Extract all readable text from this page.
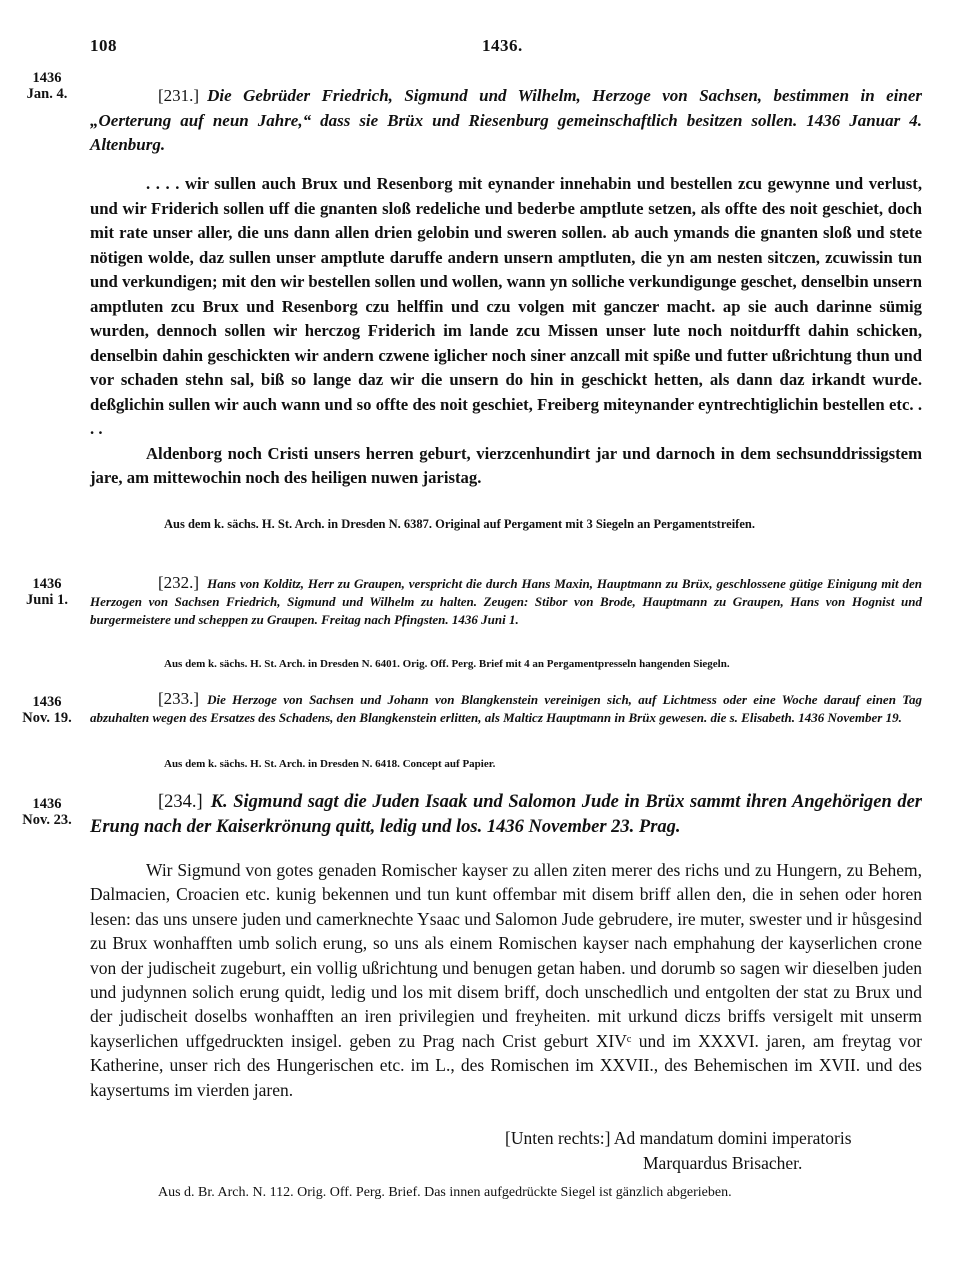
108	1436.
1436
Jan. 4.	[231.] Die Gebrüder Friedrich, Sigmund und Wilhelm, Herzoge von Sachsen, bestimmen in einer „Oerterung auf neun Jahre,“ dass sie Brüx und Riesenburg gemeinschaftlich besitzen sollen. 1436 Januar 4. Altenburg.

. . . . wir sullen auch Brux und Resenborg mit eynander innehabin und bestellen zcu gewynne und verlust, und wir Friderich sollen uff die gnanten sloß redeliche und bederbe amptlute setzen, als offte des noit geschiet, doch mit rate unser aller, die uns dann allen drien gelobin und sweren sollen. ab auch ymands die gnanten sloß und stete nötigen wolde, daz sullen unser amptlute daruffe andern unsern amptluten, die yn am nesten sitczen, zcuwissin tun und verkundigen; mit den wir bestellen sollen und wollen, wann yn solliche verkundigunge geschet, denselbin unsern amptluten zcu Brux und Resenborg czu helffin und czu volgen mit ganczer macht. ap sie auch darinne sümig wurden, dennoch sollen wir herczog Friderich im lande zcu Missen unser lute noch noitdurfft dahin schicken, denselbin dahin geschickten wir andern czwene iglicher noch siner anzcall mit spiße und futter ußrichtung thun und vor schaden stehn sal, biß so lange daz wir die unsern do hin in geschickt hetten, als dann daz irkandt wurde. deßglichin sullen wir auch wann und so offte des noit geschiet, Freiberg miteynander eyntrechtiglichin bestellen etc. . . .

Aldenborg noch Cristi unsers herren geburt, vierzcenhundirt jar und darnoch in dem sechsunddrissigstem jare, am mittewochin noch des heiligen nuwen jaristag.

Aus dem k. sächs. H. St. Arch. in Dresden N. 6387. Original auf Pergament mit 3 Siegeln an Pergamentstreifen.
1436
Juni 1.
[232.] Hans von Kolditz, Herr zu Graupen, verspricht die durch Hans Maxin, Hauptmann zu Brüx, geschlossene gütige Einigung mit den Herzogen von Sachsen Friedrich, Sigmund und Wilhelm zu halten. Zeugen: Stibor von Brode, Hauptmann zu Graupen, Hans von Hognist und burgermeistere und scheppen zu Graupen. Freitag nach Pfingsten. 1436 Juni 1.
Aus dem k. sächs. H. St. Arch. in Dresden N. 6401. Orig. Off. Perg. Brief mit 4 an Pergamentpresseln hangenden Siegeln.
1436
Nov. 19.
[233.] Die Herzoge von Sachsen und Johann von Blangkenstein vereinigen sich, auf Lichtmess oder eine Woche darauf einen Tag abzuhalten wegen des Ersatzes des Schadens, den Blangkenstein erlitten, als Malticz Hauptmann in Brüx gewesen. die s. Elisabeth. 1436 November 19.
Aus dem k. sächs. H. St. Arch. in Dresden N. 6418. Concept auf Papier.
1436
Nov. 23.
[234.] K. Sigmund sagt die Juden Isaak und Salomon Jude in Brüx sammt ihren Angehörigen der Erung nach der Kaiserkrönung quitt, ledig und los. 1436 November 23. Prag.
Wir Sigmund von gotes genaden Romischer kayser zu allen ziten merer des richs und zu Hungern, zu Behem, Dalmacien, Croacien etc. kunig bekennen und tun kunt offembar mit disem briff allen den, die in sehen oder horen lesen: das uns unsere juden und camerknechte Ysaac und Salomon Jude gebrudere, ire muter, swester und ir hůsgesind zu Brux wonhafften umb solich erung, so uns als einem Romischen kayser nach emphahung der kayserlichen crone von der judischeit zugeburt, ein vollig ußrichtung und benugen getan haben. und dorumb so sagen wir dieselben juden und judynnen solich erung quidt, ledig und los mit disem briff, doch unschedlich und entgolten der stat zu Brux und der judischeit doselbs wonhafften an iren privilegien und freyheiten. mit urkund diczs briffs versigelt mit unserm kayserlichen uffgedruckten insigel. geben zu Prag nach Crist geburt XIVᶜ und im XXXVI. jaren, am freytag vor Katherine, unser rich des Hungerischen etc. im L., des Romischen im XXVII., des Behemischen im XVII. und des kaysertums im vierden jaren.
[Unten rechts:] Ad mandatum domini imperatoris
Marquardus Brisacher.
Aus d. Br. Arch. N. 112. Orig. Off. Perg. Brief. Das innen aufgedrückte Siegel ist gänzlich abgerieben.
